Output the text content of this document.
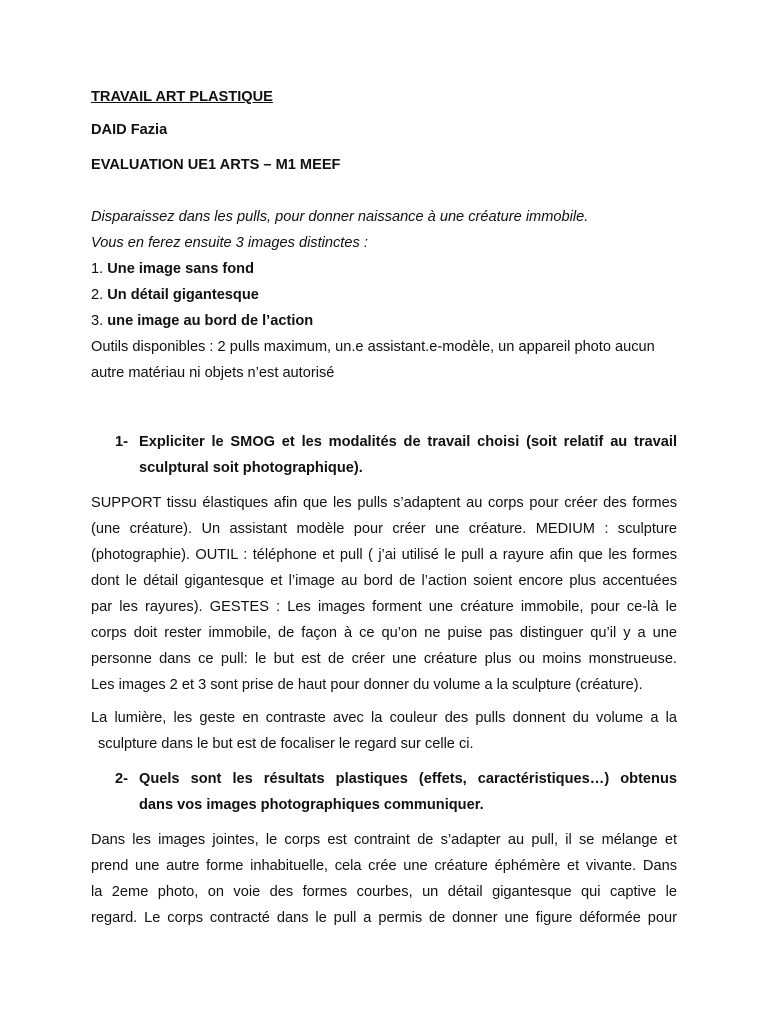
TRAVAIL ART PLASTIQUE
DAID Fazia
EVALUATION UE1 ARTS – M1 MEEF
Disparaissez dans les pulls, pour donner naissance à une créature immobile.
Vous en ferez ensuite 3 images distinctes :
1. Une image sans fond
2. Un détail gigantesque
3. une image au bord de l’action
Outils disponibles : 2 pulls maximum, un.e assistant.e-modèle, un appareil photo aucun
autre matériau ni objets n’est autorisé
1- Expliciter le SMOG et les modalités de travail choisi (soit relatif au travail
sculptural soit photographique).
SUPPORT tissu élastiques afin que les pulls s’adaptent au corps pour créer des formes
(une créature). Un assistant modèle pour créer une créature. MEDIUM : sculpture
(photographie). OUTIL : téléphone et pull ( j’ai utilisé le pull a rayure afin que les formes
dont le détail gigantesque et l’image au bord de l’action soient encore plus accentuées
par les rayures). GESTES : Les images forment une créature immobile, pour ce-là le
corps doit rester immobile, de façon à ce qu’on ne puise pas distinguer qu’il y a une
personne dans ce pull: le but est de créer une créature plus ou moins monstrueuse.
Les images 2 et 3 sont prise de haut pour donner du volume a la sculpture (créature).
La lumière, les geste en contraste avec la couleur des pulls donnent du volume a la
sculpture dans le but est de focaliser le regard sur celle ci.
2- Quels sont les résultats plastiques (effets, caractéristiques…) obtenus
dans vos images photographiques communiquer.
Dans les images jointes, le corps est contraint de s’adapter au pull, il se mélange et
prend une autre forme inhabituelle, cela crée une créature éphémère et vivante. Dans
la 2eme photo, on voie des formes courbes, un détail gigantesque qui captive le
regard. Le corps contracté dans le pull a permis de donner une figure déformée pour
